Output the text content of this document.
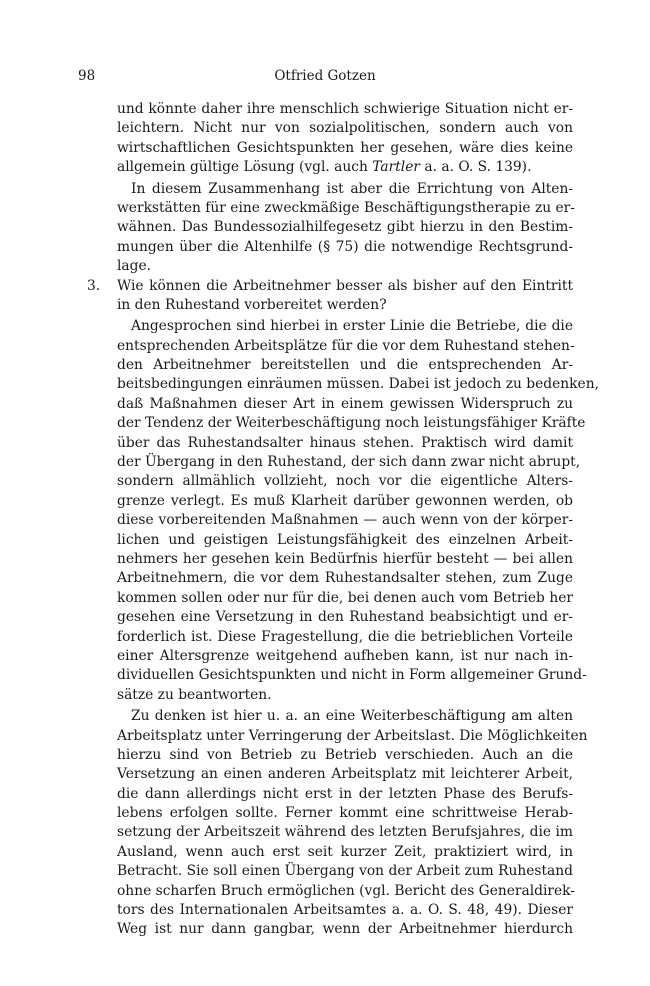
98	Otfried Gotzen
und könnte daher ihre menschlich schwierige Situation nicht er-
leichtern. Nicht nur von sozialpolitischen, sondern auch von
wirtschaftlichen Gesichtspunkten her gesehen, wäre dies keine
allgemein gültige Lösung (vgl. auch Tartler a. a. O. S. 139).
In diesem Zusammenhang ist aber die Errichtung von Alten-
werkstätten für eine zweckmäßige Beschäftigungstherapie zu er-
wähnen. Das Bundessozialhilfegesetz gibt hierzu in den Bestim-
mungen über die Altenhilfe (§ 75) die notwendige Rechtsgrund-
lage.
3. Wie können die Arbeitnehmer besser als bisher auf den Eintritt
in den Ruhestand vorbereitet werden?
Angesprochen sind hierbei in erster Linie die Betriebe, die die
entsprechenden Arbeitsplätze für die vor dem Ruhestand stehen-
den Arbeitnehmer bereitstellen und die entsprechenden Ar-
beitsbedingungen einräumen müssen. Dabei ist jedoch zu bedenken,
daß Maßnahmen dieser Art in einem gewissen Widerspruch zu
der Tendenz der Weiterbeschäftigung noch leistungsfähiger Kräfte
über das Ruhestandsalter hinaus stehen. Praktisch wird damit
der Übergang in den Ruhestand, der sich dann zwar nicht abrupt,
sondern allmählich vollzieht, noch vor die eigentliche Alters-
grenze verlegt. Es muß Klarheit darüber gewonnen werden, ob
diese vorbereitenden Maßnahmen — auch wenn von der körper-
lichen und geistigen Leistungsfähigkeit des einzelnen Arbeit-
nehmers her gesehen kein Bedürfnis hierfür besteht — bei allen
Arbeitnehmern, die vor dem Ruhestandsalter stehen, zum Zuge
kommen sollen oder nur für die, bei denen auch vom Betrieb her
gesehen eine Versetzung in den Ruhestand beabsichtigt und er-
forderlich ist. Diese Fragestellung, die die betrieblichen Vorteile
einer Altersgrenze weitgehend aufheben kann, ist nur nach in-
dividuellen Gesichtspunkten und nicht in Form allgemeiner Grund-
sätze zu beantworten.
Zu denken ist hier u. a. an eine Weiterbeschäftigung am alten
Arbeitsplatz unter Verringerung der Arbeitslast. Die Möglichkeiten
hierzu sind von Betrieb zu Betrieb verschieden. Auch an die
Versetzung an einen anderen Arbeitsplatz mit leichterer Arbeit,
die dann allerdings nicht erst in der letzten Phase des Berufs-
lebens erfolgen sollte. Ferner kommt eine schrittweise Herab-
setzung der Arbeitszeit während des letzten Berufsjahres, die im
Ausland, wenn auch erst seit kurzer Zeit, praktiziert wird, in
Betracht. Sie soll einen Übergang von der Arbeit zum Ruhestand
ohne scharfen Bruch ermöglichen (vgl. Bericht des Generaldirek-
tors des Internationalen Arbeitsamtes a. a. O. S. 48, 49). Dieser
Weg ist nur dann gangbar, wenn der Arbeitnehmer hierdurch
